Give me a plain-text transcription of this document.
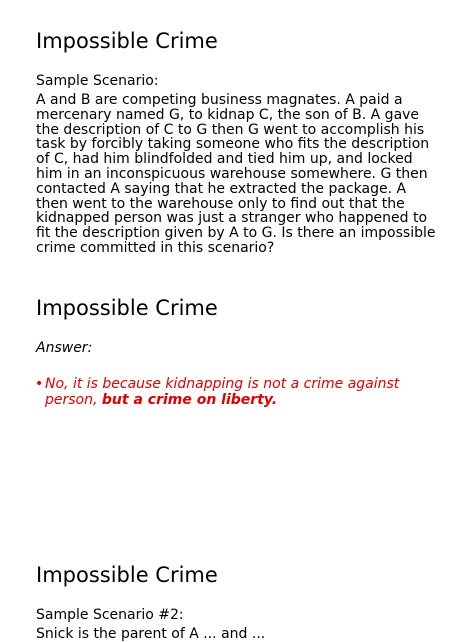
Impossible Crime

Sample Scenario:

A and B are competing business magnates. A paid a mercenary named G, to kidnap C, the son of B. A gave the description of C to G then G went to accomplish his task by forcibly taking someone who fits the description of C, had him blindfolded and tied him up, and locked him in an inconspicuous warehouse somewhere. G then contacted A saying that he extracted the package. A then went to the warehouse only to find out that the kidnapped person was just a stranger who happened to fit the description given by A to G. Is there an impossible crime committed in this scenario?

Impossible Crime

Answer:

• No, it is because kidnapping is not a crime against person, but a crime on liberty.

Impossible Crime

Sample Scenario #2:

Snick is the parent of A ... and ...
